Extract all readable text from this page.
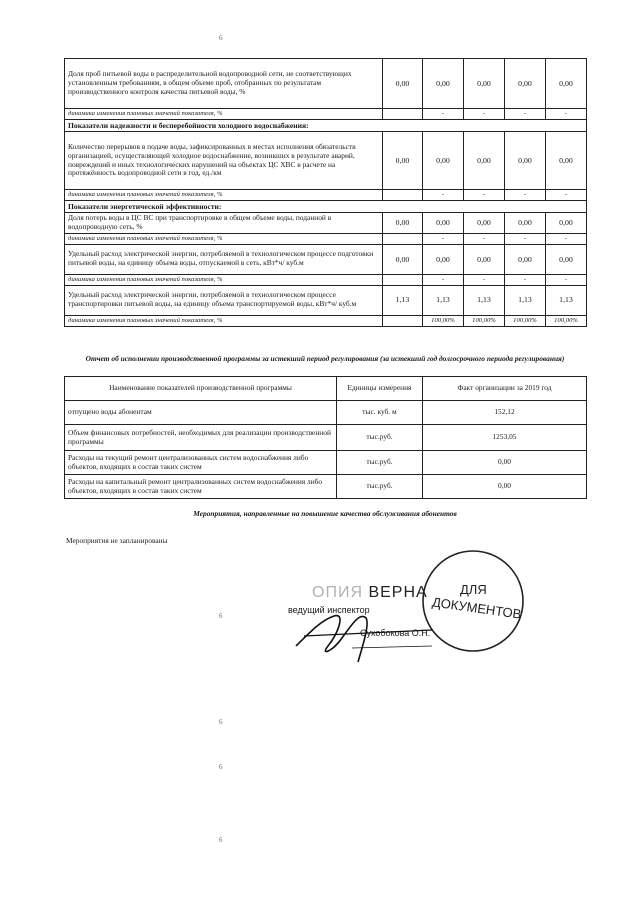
6
Доля проб питьевой воды в распределительной водопроводной сети, не соответствующих установленным требованиям, в общем объеме проб, отобранных по результатам производственного контроля качества питьевой воды, %	0,00	0,00	0,00	0,00	0,00
динамика изменения плановых значений показателя, %		-	-	-	-
Показатели надежности и бесперебойности холодного водоснабжения:					
Количество перерывов в подаче воды, зафиксированных в местах исполнения обязательств организацией, осуществляющей холодное водоснабжение, возникших в результате аварий, повреждений и иных технологических нарушений на объектах ЦС ХВС в расчете на протяжённость водопроводной сети в год, ед./км	0,00	0,00	0,00	0,00	0,00
динамика изменения плановых значений показателя, %		-	-	-	-
Показатели энергетической эффективности:					
Доля потерь воды в ЦС ВС при транспортировке в общем объеме воды, поданной в водопроводную сеть, %	0,00	0,00	0,00	0,00	0,00
динамика изменения плановых значений показателя, %		-	-	-	-
Удельный расход электрической энергии, потребляемой в технологическом процессе подготовки питьевой воды, на единицу объема воды, отпускаемой в сеть, кВт*ч/ куб.м	0,00	0,00	0,00	0,00	0,00
динамика изменения плановых значений показателя, %		-	-	-	-
Удельный расход электрической энергии, потребляемой в технологическом процессе транспортировки питьевой воды, на единицу объема транспортируемой воды, кВт*ч/ куб.м	1,13	1,13	1,13	1,13	1,13
динамика изменения плановых значений показателя, %		100,00%	100,00%	100,00%	100,00%
Отчет об исполнении производственной программы за истекший период регулирования (за истекший год долгосрочного периода регулирования)
Наименование показателей производственной программы	Единицы измерения	Факт организации за 2019 год
отпущено воды абонентам	тыс. куб. м	152,12
Объем финансовых потребностей, необходимых для реализации производственной программы	тыс.руб.	1253,05
Расходы на текущий ремонт централизованных систем водоснабжения либо объектов, входящих в состав таких систем	тыс.руб.	0,00
Расходы на капитальный ремонт централизованных систем водоснабжения либо объектов, входящих в состав таких систем	тыс.руб.	0,00
Мероприятия, направленные на повышение качества обслуживания абонентов
Мероприятия не запланированы
ОПИЯ ВЕРНА
ведущий инспектор
Сухобокова О.Н.
ДЛЯ
ДОКУМЕНТОВ
6
6
6
6
